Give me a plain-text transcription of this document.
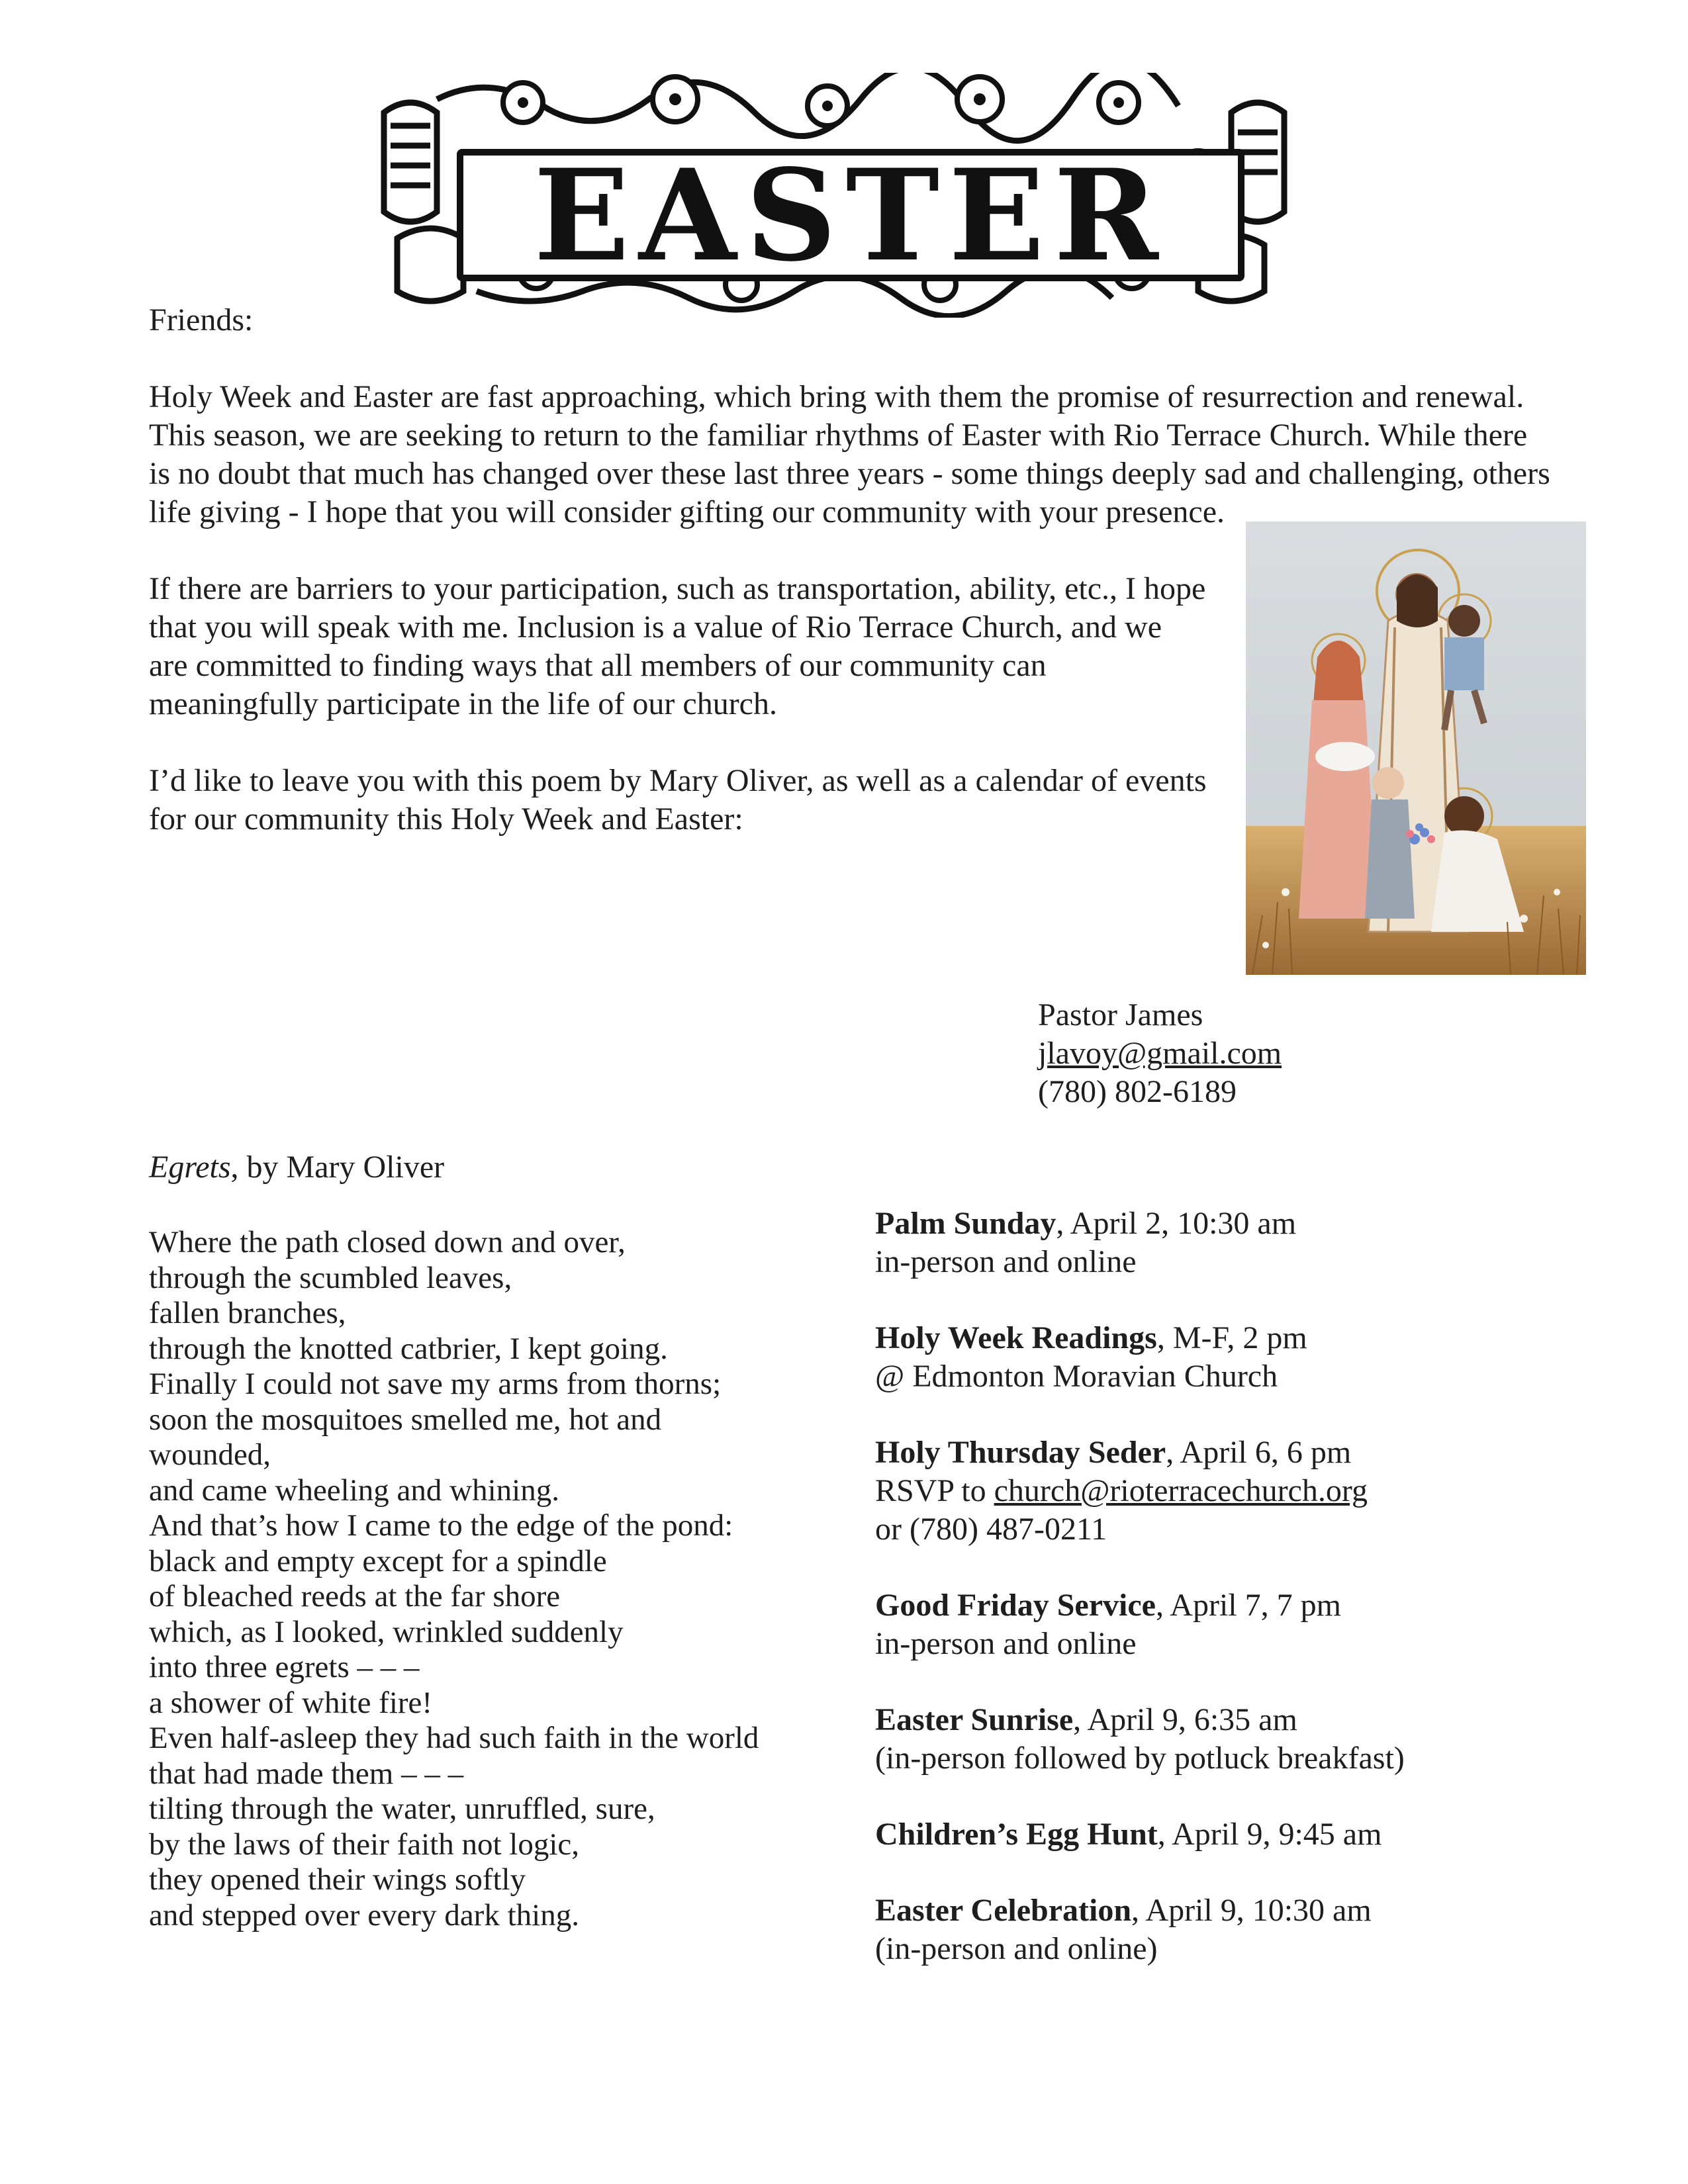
EASTER

Friends:

Holy Week and Easter are fast approaching, which bring with them the promise of resurrection and renewal. This season, we are seeking to return to the familiar rhythms of Easter with Rio Terrace Church. While there is no doubt that much has changed over these last three years - some things deeply sad and challenging, others life giving - I hope that you will consider gifting our community with your presence.

If there are barriers to your participation, such as transportation, ability, etc., I hope that you will speak with me. Inclusion is a value of Rio Terrace Church, and we are committed to finding ways that all members of our community can meaningfully participate in the life of our church.

I’d like to leave you with this poem by Mary Oliver, as well as a calendar of events for our community this Holy Week and Easter:

Pastor James
jlavoy@gmail.com
(780) 802-6189

Egrets, by Mary Oliver

Where the path closed down and over,
through the scumbled leaves,
fallen branches,
through the knotted catbrier, I kept going.
Finally I could not save my arms from thorns;
soon the mosquitoes smelled me, hot and
wounded,
and came wheeling and whining.
And that’s how I came to the edge of the pond:
black and empty except for a spindle
of bleached reeds at the far shore
which, as I looked, wrinkled suddenly
into three egrets – – –
a shower of white fire!
Even half-asleep they had such faith in the world
that had made them – – –
tilting through the water, unruffled, sure,
by the laws of their faith not logic,
they opened their wings softly
and stepped over every dark thing.
Palm Sunday, April 2, 10:30 am
in-person and online
Holy Week Readings, M-F, 2 pm
@ Edmonton Moravian Church
Holy Thursday Seder, April 6, 6 pm
RSVP to church@rioterracechurch.org
or (780) 487-0211
Good Friday Service, April 7, 7 pm
in-person and online
Easter Sunrise, April 9, 6:35 am
(in-person followed by potluck breakfast)
Children’s Egg Hunt, April 9, 9:45 am
Easter Celebration, April 9, 10:30 am
(in-person and online)
